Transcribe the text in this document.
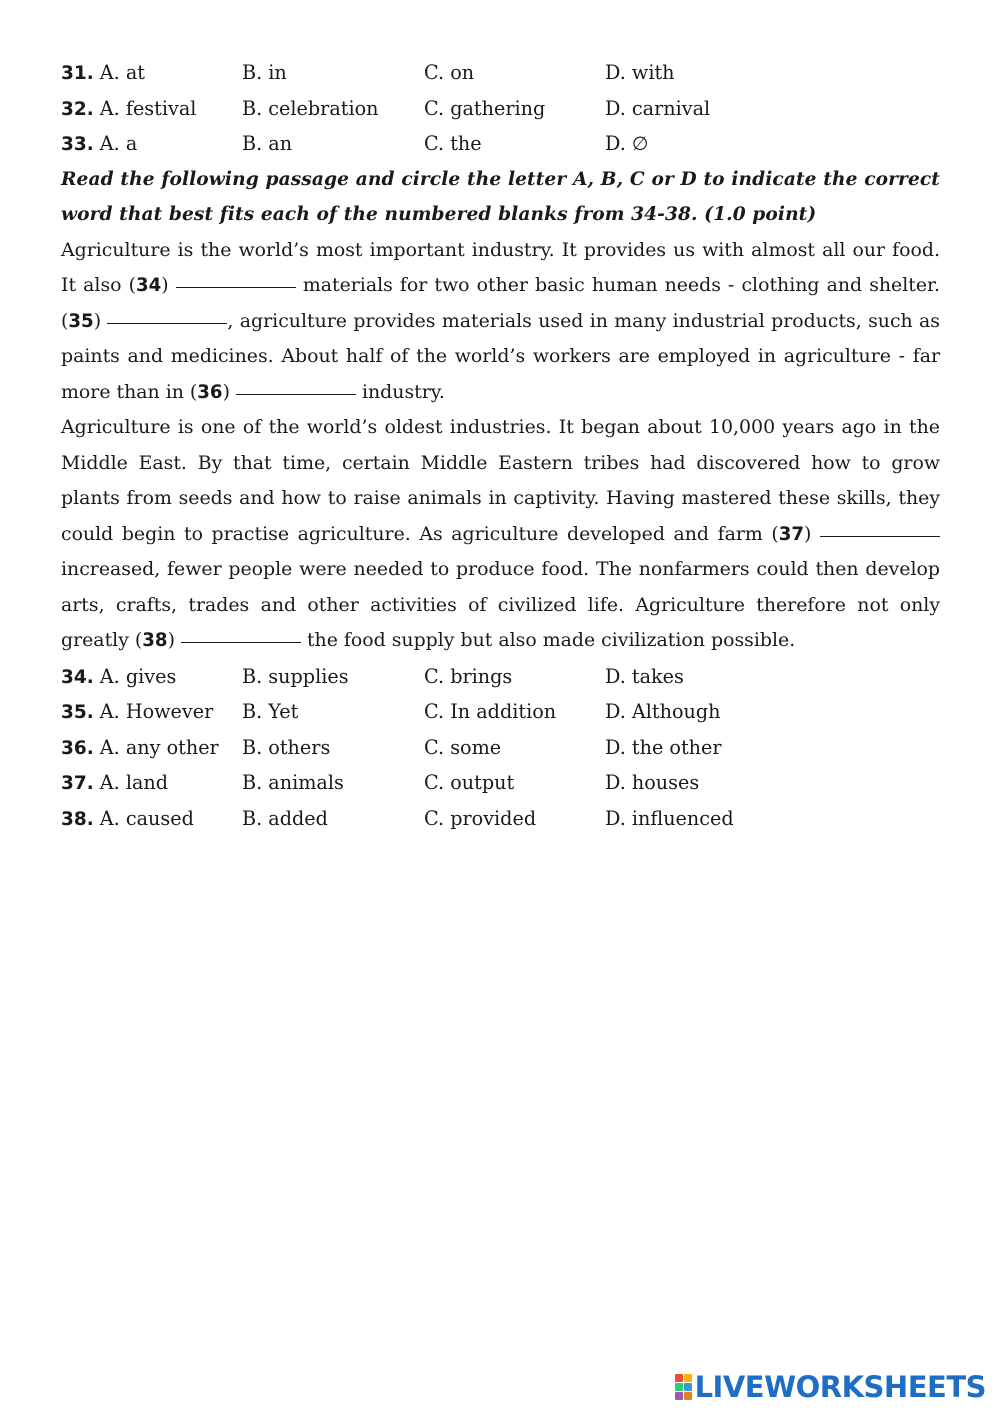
31. A. at	B. in	C. on	D. with
32. A. festival	B. celebration	C. gathering	D. carnival
33. A. a	B. an	C. the	D. ∅
Read the following passage and circle the letter A, B, C or D to indicate the correct word that best fits each of the numbered blanks from 34-38. (1.0 point)
Agriculture is the world’s most important industry. It provides us with almost all our food. It also (34)	materials for two other basic human needs - clothing and shelter. (35)	, agriculture provides materials used in many industrial products, such as paints and medicines. About half of the world’s workers are employed in agriculture - far more than in (36)	industry.
Agriculture is one of the world’s oldest industries. It began about 10,000 years ago in the Middle East. By that time, certain Middle Eastern tribes had discovered how to grow plants from seeds and how to raise animals in captivity. Having mastered these skills, they could begin to practise agriculture. As agriculture developed and farm (37)  increased, fewer people were needed to produce food. The nonfarmers could then develop arts, crafts, trades and other activities of civilized life. Agriculture therefore not only greatly (38)	the food supply but also made civilization possible.
34. A. gives	B. supplies	C. brings	D. takes
35. A. However	B. Yet	C. In addition	D. Although
36. A. any other	B. others	C. some	D. the other
37. A. land	B. animals	C. output	D. houses
38. A. caused	B. added	C. provided	D. influenced
LIVEWORKSHEETS
